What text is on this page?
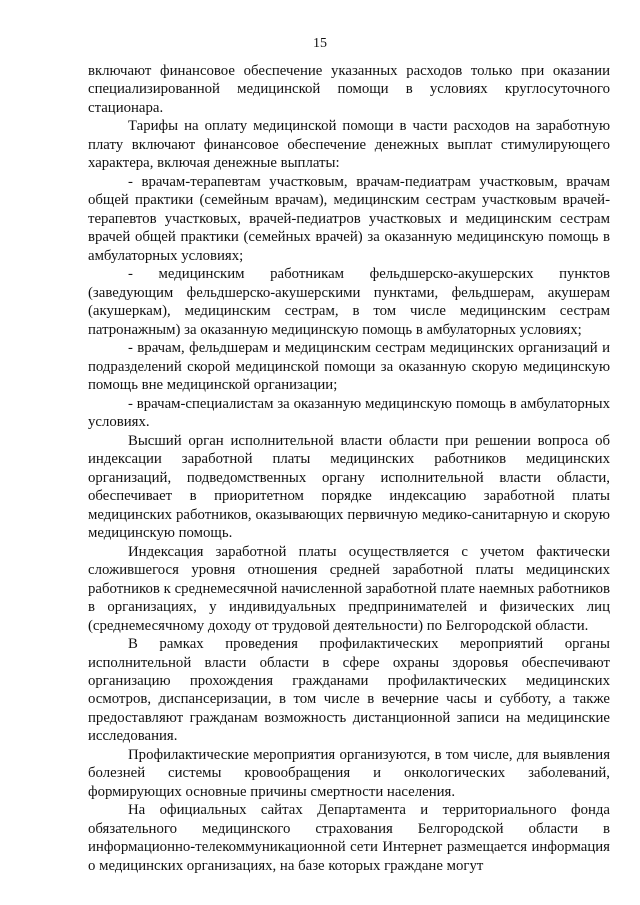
15

включают финансовое обеспечение указанных расходов только при оказании специализированной медицинской помощи в условиях круглосуточного стационара.

Тарифы на оплату медицинской помощи в части расходов на заработную плату включают финансовое обеспечение денежных выплат стимулирующего характера, включая денежные выплаты:

- врачам-терапевтам участковым, врачам-педиатрам участковым, врачам общей практики (семейным врачам), медицинским сестрам участковым врачей-терапевтов участковых, врачей-педиатров участковых и медицинским сестрам врачей общей практики (семейных врачей) за оказанную медицинскую помощь в амбулаторных условиях;

- медицинским работникам фельдшерско-акушерских пунктов (заведующим фельдшерско-акушерскими пунктами, фельдшерам, акушерам (акушеркам), медицинским сестрам, в том числе медицинским сестрам патронажным) за оказанную медицинскую помощь в амбулаторных условиях;

- врачам, фельдшерам и медицинским сестрам медицинских организаций и подразделений скорой медицинской помощи за оказанную скорую медицинскую помощь вне медицинской организации;

- врачам-специалистам за оказанную медицинскую помощь в амбулаторных условиях.

Высший орган исполнительной власти области при решении вопроса об индексации заработной платы медицинских работников медицинских организаций, подведомственных органу исполнительной власти области, обеспечивает в приоритетном порядке индексацию заработной платы медицинских работников, оказывающих первичную медико-санитарную и скорую медицинскую помощь.

Индексация заработной платы осуществляется с учетом фактически сложившегося уровня отношения средней заработной платы медицинских работников к среднемесячной начисленной заработной плате наемных работников в организациях, у индивидуальных предпринимателей и физических лиц (среднемесячному доходу от трудовой деятельности) по Белгородской области.

В рамках проведения профилактических мероприятий органы исполнительной власти области в сфере охраны здоровья обеспечивают организацию прохождения гражданами профилактических медицинских осмотров, диспансеризации, в том числе в вечерние часы и субботу, а также предоставляют гражданам возможность дистанционной записи на медицинские исследования.

Профилактические мероприятия организуются, в том числе, для выявления болезней системы кровообращения и онкологических заболеваний, формирующих основные причины смертности населения.

На официальных сайтах Департамента и территориального фонда обязательного медицинского страхования Белгородской области в информационно-телекоммуникационной сети Интернет размещается информация о медицинских организациях, на базе которых граждане могут
